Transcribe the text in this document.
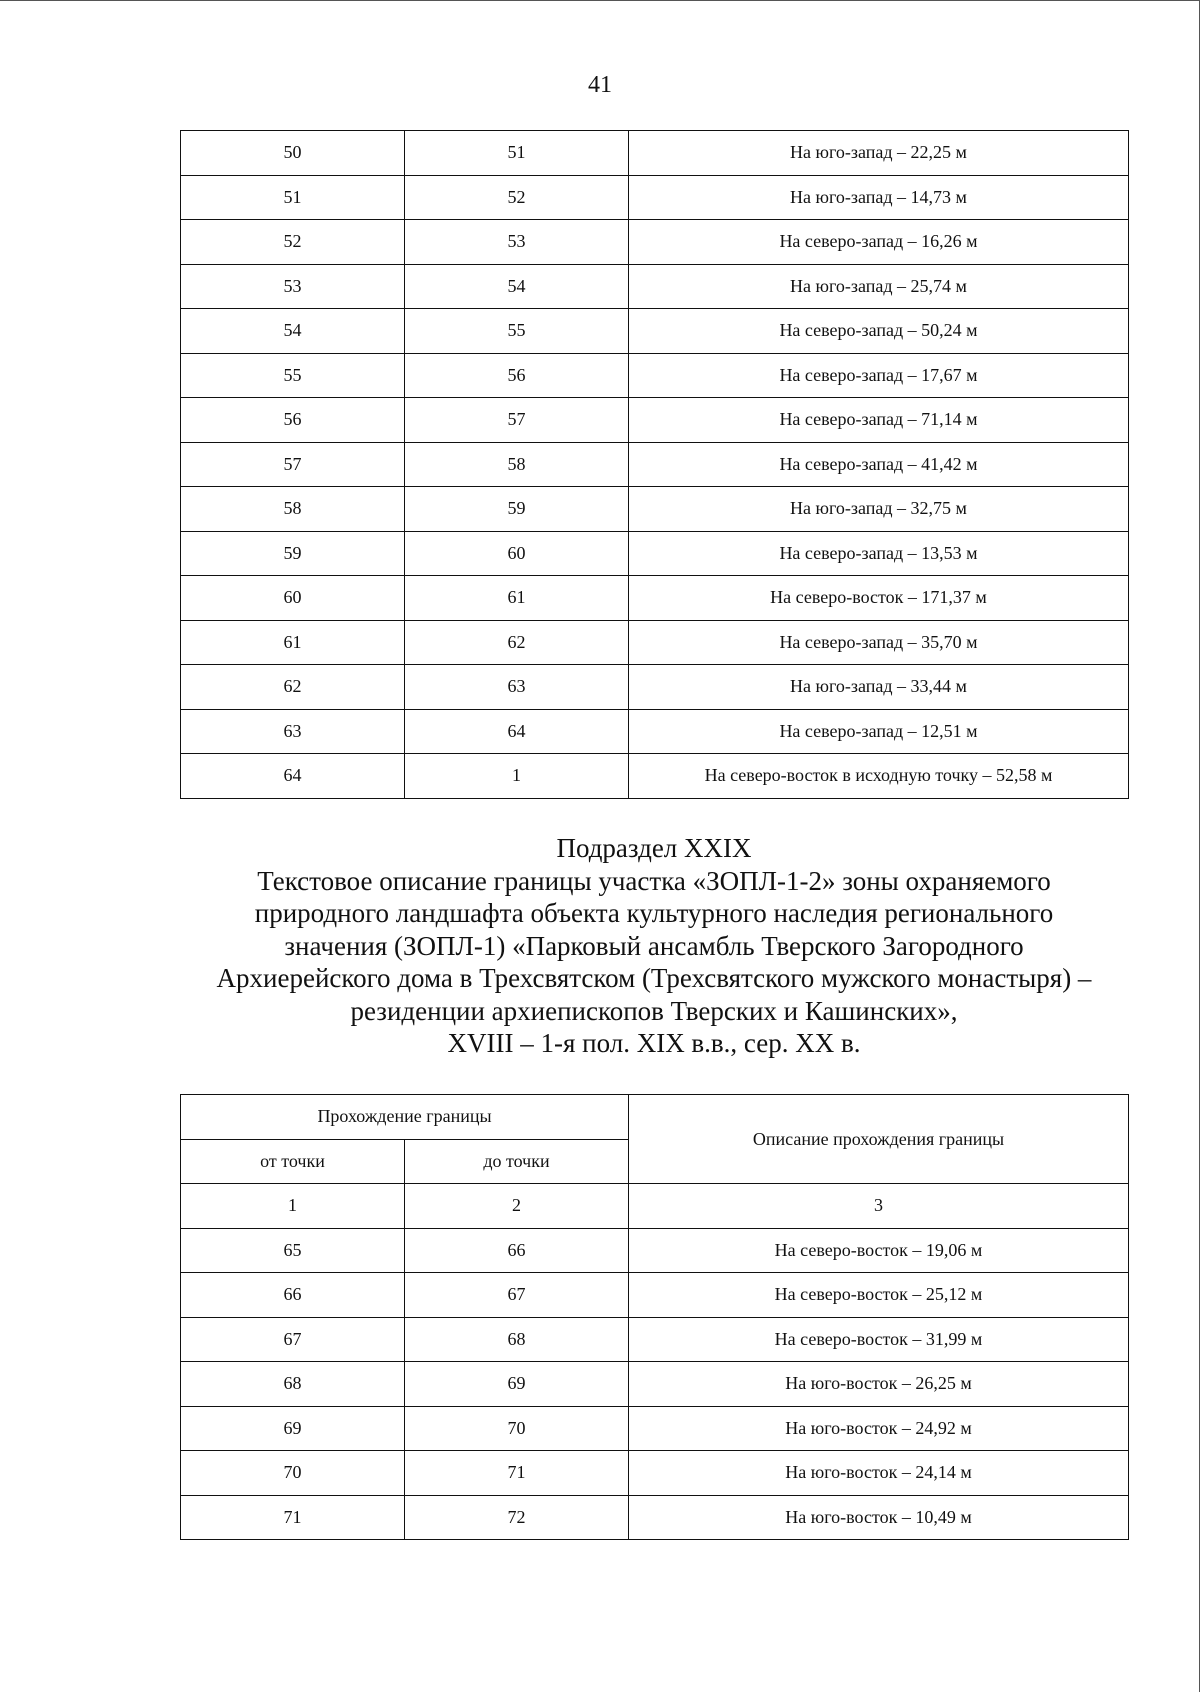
41
50	51	На юго-запад – 22,25 м
51	52	На юго-запад – 14,73 м
52	53	На северо-запад – 16,26 м
53	54	На юго-запад – 25,74 м
54	55	На северо-запад – 50,24 м
55	56	На северо-запад – 17,67 м
56	57	На северо-запад – 71,14 м
57	58	На северо-запад – 41,42 м
58	59	На юго-запад – 32,75 м
59	60	На северо-запад – 13,53 м
60	61	На северо-восток – 171,37 м
61	62	На северо-запад – 35,70 м
62	63	На юго-запад – 33,44 м
63	64	На северо-запад – 12,51 м
64	1	На северо-восток в исходную точку – 52,58 м
Подраздел XXIX
Текстовое описание границы участка «ЗОПЛ-1-2» зоны охраняемого
природного ландшафта объекта культурного наследия регионального
значения (ЗОПЛ-1) «Парковый ансамбль Тверского Загородного
Архиерейского дома в Трехсвятском (Трехсвятского мужского монастыря) –
резиденции архиепископов Тверских и Кашинских»,
XVIII – 1-я пол. XIX в.в., сер. XX в.
Прохождение границы		Описание прохождения границы
от точки	до точки	
1	2	3
65	66	На северо-восток – 19,06 м
66	67	На северо-восток – 25,12 м
67	68	На северо-восток – 31,99 м
68	69	На юго-восток – 26,25 м
69	70	На юго-восток – 24,92 м
70	71	На юго-восток – 24,14 м
71	72	На юго-восток – 10,49 м
